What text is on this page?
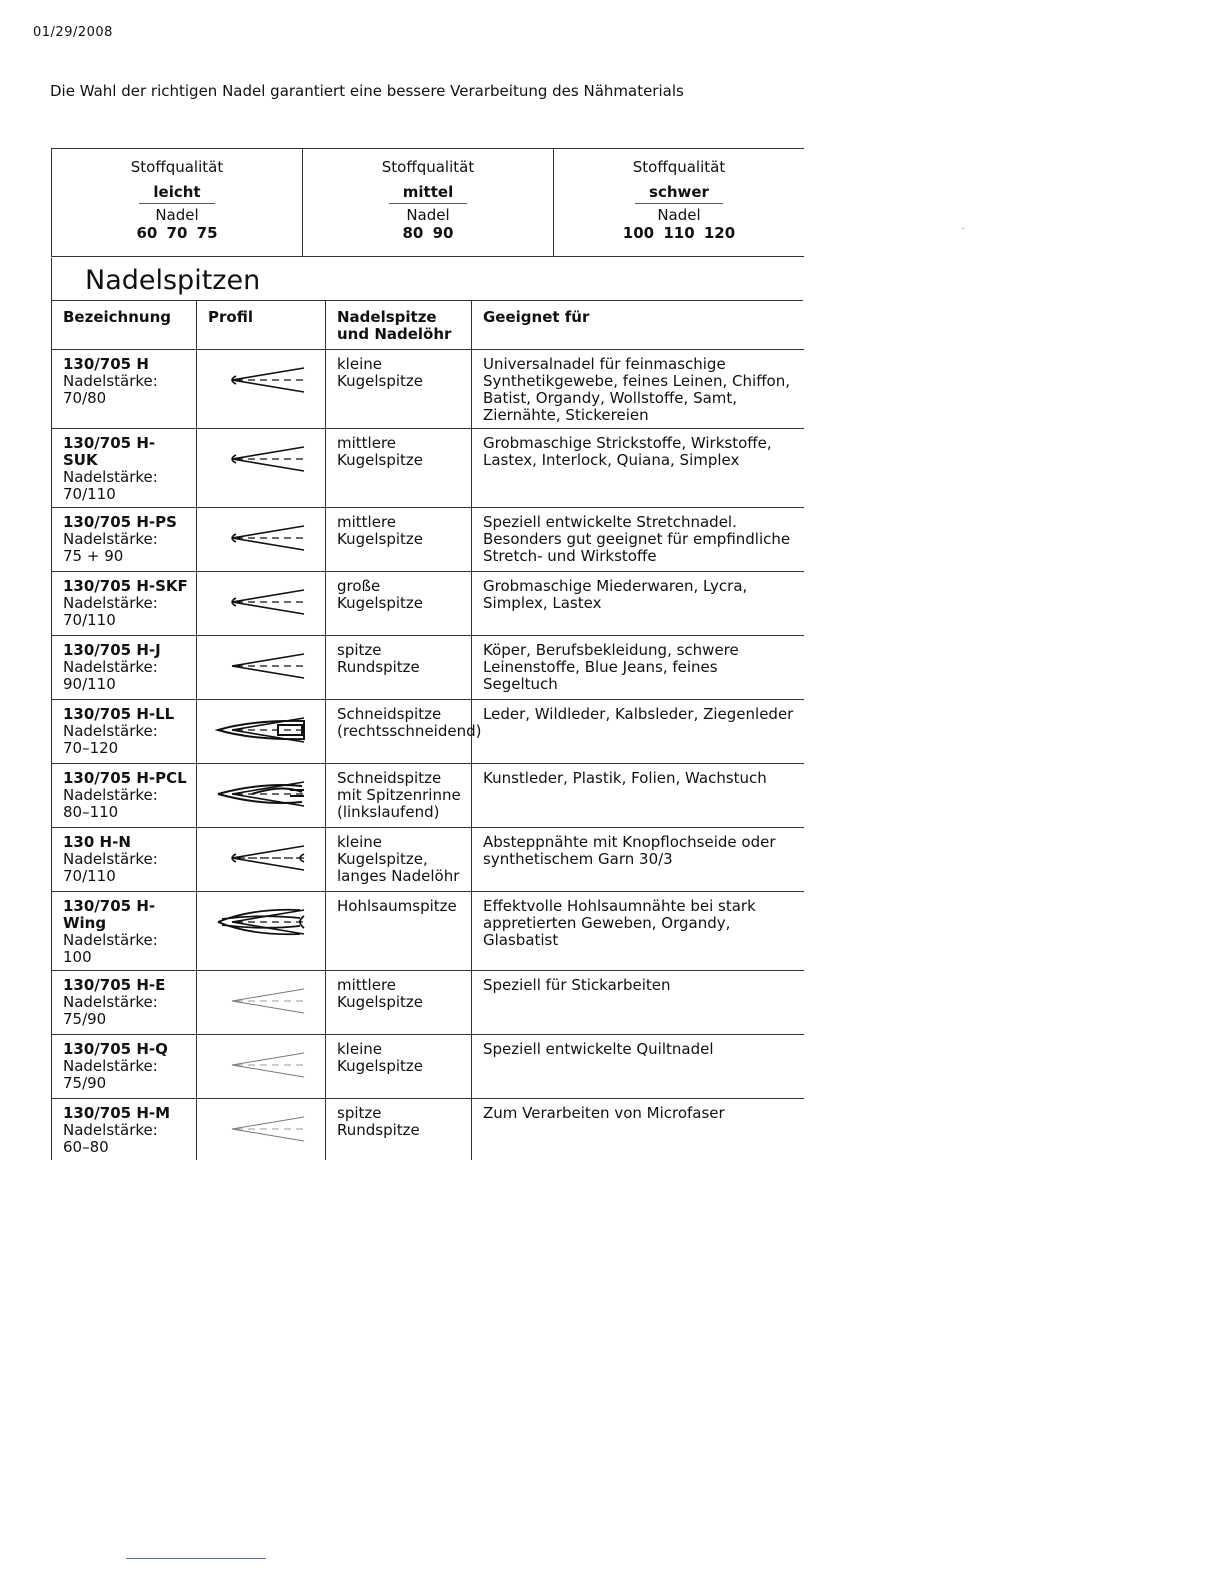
01/29/2008
Die Wahl der richtigen Nadel garantiert eine bessere Verarbeitung des Nähmaterials
Stoffqualität
leicht
Nadel
60 70 75
Stoffqualität
mittel
Nadel
80 90
Stoffqualität
schwer
Nadel
100 110 120
Nadelspitzen
Bezeichnung	Profil	Nadelspitze und Nadelöhr	Geeignet für

130/705 H
Nadelstärke:
70/80		kleine Kugelspitze	Universalnadel für feinmaschige Synthetikgewebe, feines Leinen, Chiffon, Batist, Organdy, Wollstoffe, Samt, Ziernähte, Stickereien

130/705 H-SUK
Nadelstärke:
70/110		mittlere Kugelspitze	Grobmaschige Strickstoffe, Wirkstoffe, Lastex, Interlock, Quiana, Simplex

130/705 H-PS
Nadelstärke:
75 + 90		mittlere Kugelspitze	Speziell entwickelte Stretchnadel. Besonders gut geeignet für empfindliche Stretch- und Wirkstoffe

130/705 H-SKF
Nadelstärke:
70/110		große Kugelspitze	Grobmaschige Miederwaren, Lycra, Simplex, Lastex

130/705 H-J
Nadelstärke:
90/110		spitze Rundspitze	Köper, Berufsbekleidung, schwere Leinenstoffe, Blue Jeans, feines Segeltuch

130/705 H-LL
Nadelstärke:
70–120		Schneidspitze (rechtsschneidend)	Leder, Wildleder, Kalbsleder, Ziegenleder

130/705 H-PCL
Nadelstärke:
80–110		Schneidspitze mit Spitzenrinne (linkslaufend)	Kunstleder, Plastik, Folien, Wachstuch

130 H-N
Nadelstärke:
70/110		kleine Kugelspitze, langes Nadelöhr	Absteppnähte mit Knopflochseide oder synthetischem Garn 30/3

130/705 H-Wing
Nadelstärke:
100		Hohlsaumspitze	Effektvolle Hohlsaumnähte bei stark appretierten Geweben, Organdy, Glasbatist

130/705 H-E
Nadelstärke:
75/90		mittlere Kugelspitze	Speziell für Stickarbeiten

130/705 H-Q
Nadelstärke:
75/90		kleine Kugelspitze	Speziell entwickelte Quiltnadel

130/705 H-M
Nadelstärke:
60–80		spitze Rundspitze	Zum Verarbeiten von Microfaser
